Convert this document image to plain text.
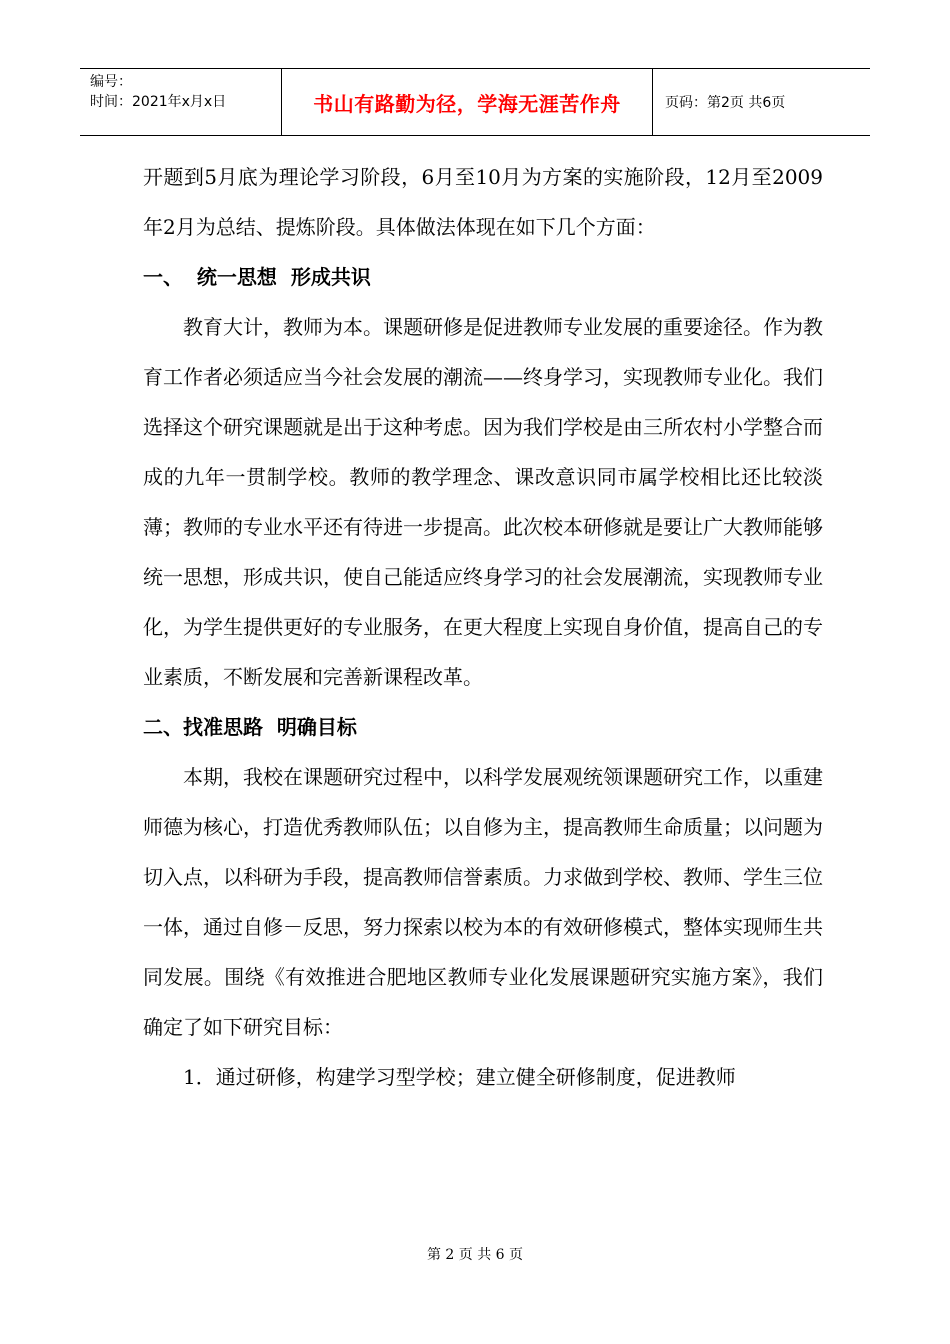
编号：
时间：2021年x月x日	书山有路勤为径，学海无涯苦作舟	页码：第2页 共6页

开题到5月底为理论学习阶段，6月至10月为方案的实施阶段，12月至2009年2月为总结、提炼阶段。具体做法体现在如下几个方面：

一、  统一思想  形成共识

教育大计，教师为本。课题研修是促进教师专业发展的重要途径。作为教育工作者必须适应当今社会发展的潮流——终身学习，实现教师专业化。我们选择这个研究课题就是出于这种考虑。因为我们学校是由三所农村小学整合而成的九年一贯制学校。教师的教学理念、课改意识同市属学校相比还比较淡薄；教师的专业水平还有待进一步提高。此次校本研修就是要让广大教师能够统一思想，形成共识，使自己能适应终身学习的社会发展潮流，实现教师专业化，为学生提供更好的专业服务，在更大程度上实现自身价值，提高自己的专业素质，不断发展和完善新课程改革。

二、找准思路  明确目标

本期，我校在课题研究过程中，以科学发展观统领课题研究工作，以重建师德为核心，打造优秀教师队伍；以自修为主，提高教师生命质量；以问题为切入点，以科研为手段，提高教师信誉素质。力求做到学校、教师、学生三位一体，通过自修－反思，努力探索以校为本的有效研修模式，整体实现师生共同发展。围绕《有效推进合肥地区教师专业化发展课题研究实施方案》，我们确定了如下研究目标：

1．通过研修，构建学习型学校；建立健全研修制度，促进教师

第 2 页 共 6 页
